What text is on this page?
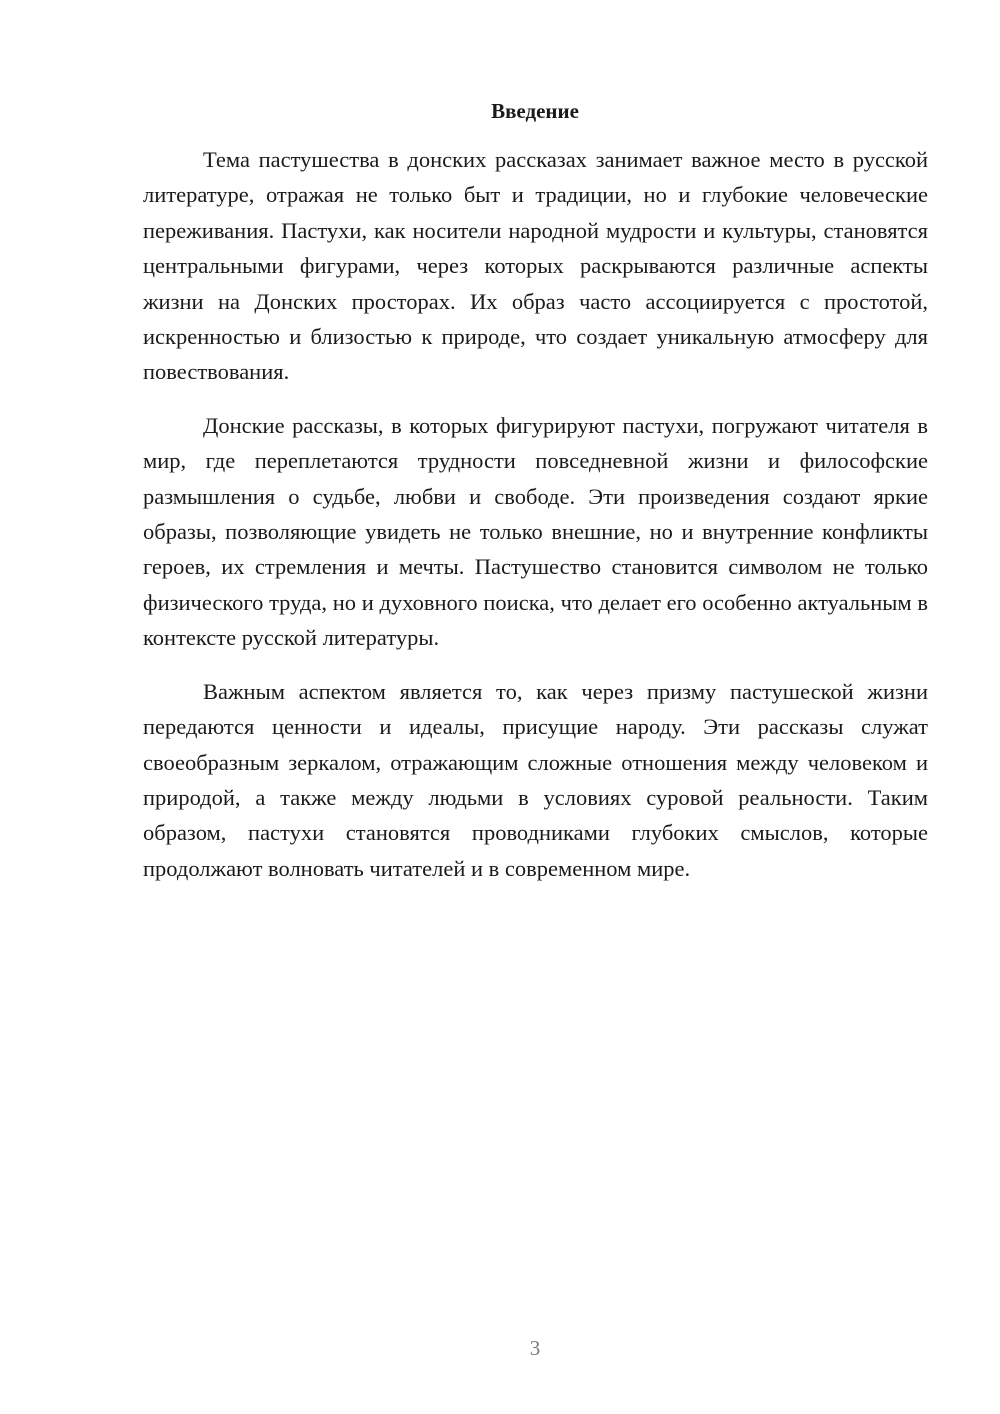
Введение

Тема пастушества в донских рассказах занимает важное место в русской литературе, отражая не только быт и традиции, но и глубокие человеческие переживания. Пастухи, как носители народной мудрости и культуры, становятся центральными фигурами, через которых раскрываются различные аспекты жизни на Донских просторах. Их образ часто ассоциируется с простотой, искренностью и близостью к природе, что создает уникальную атмосферу для повествования.

Донские рассказы, в которых фигурируют пастухи, погружают читателя в мир, где переплетаются трудности повседневной жизни и философские размышления о судьбе, любви и свободе. Эти произведения создают яркие образы, позволяющие увидеть не только внешние, но и внутренние конфликты героев, их стремления и мечты. Пастушество становится символом не только физического труда, но и духовного поиска, что делает его особенно актуальным в контексте русской литературы.

Важным аспектом является то, как через призму пастушеской жизни передаются ценности и идеалы, присущие народу. Эти рассказы служат своеобразным зеркалом, отражающим сложные отношения между человеком и природой, а также между людьми в условиях суровой реальности. Таким образом, пастухи становятся проводниками глубоких смыслов, которые продолжают волновать читателей и в современном мире.

3
